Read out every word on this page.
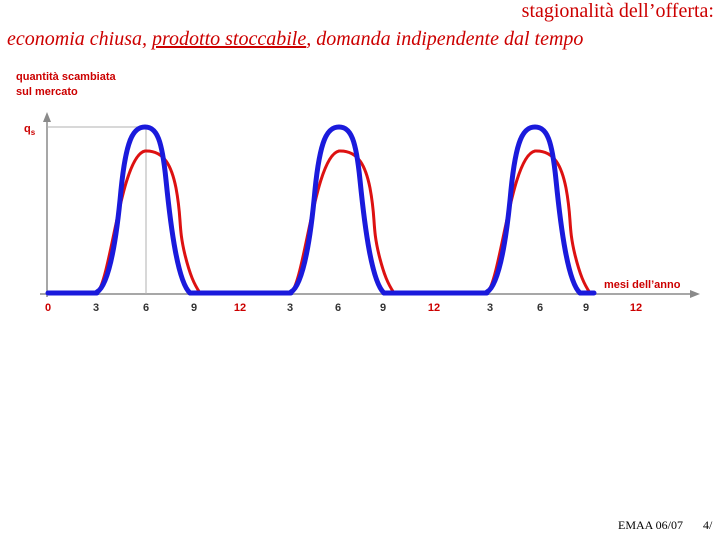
stagionalità dell’offerta:
economia chiusa, prodotto stoccabile, domanda indipendente dal tempo
quantità scambiata
sul mercato
$q_s$
mesi dell’anno
0	3	6	9	12	3	6	9	12	3	6	9	12
EMAA 06/07 4/
